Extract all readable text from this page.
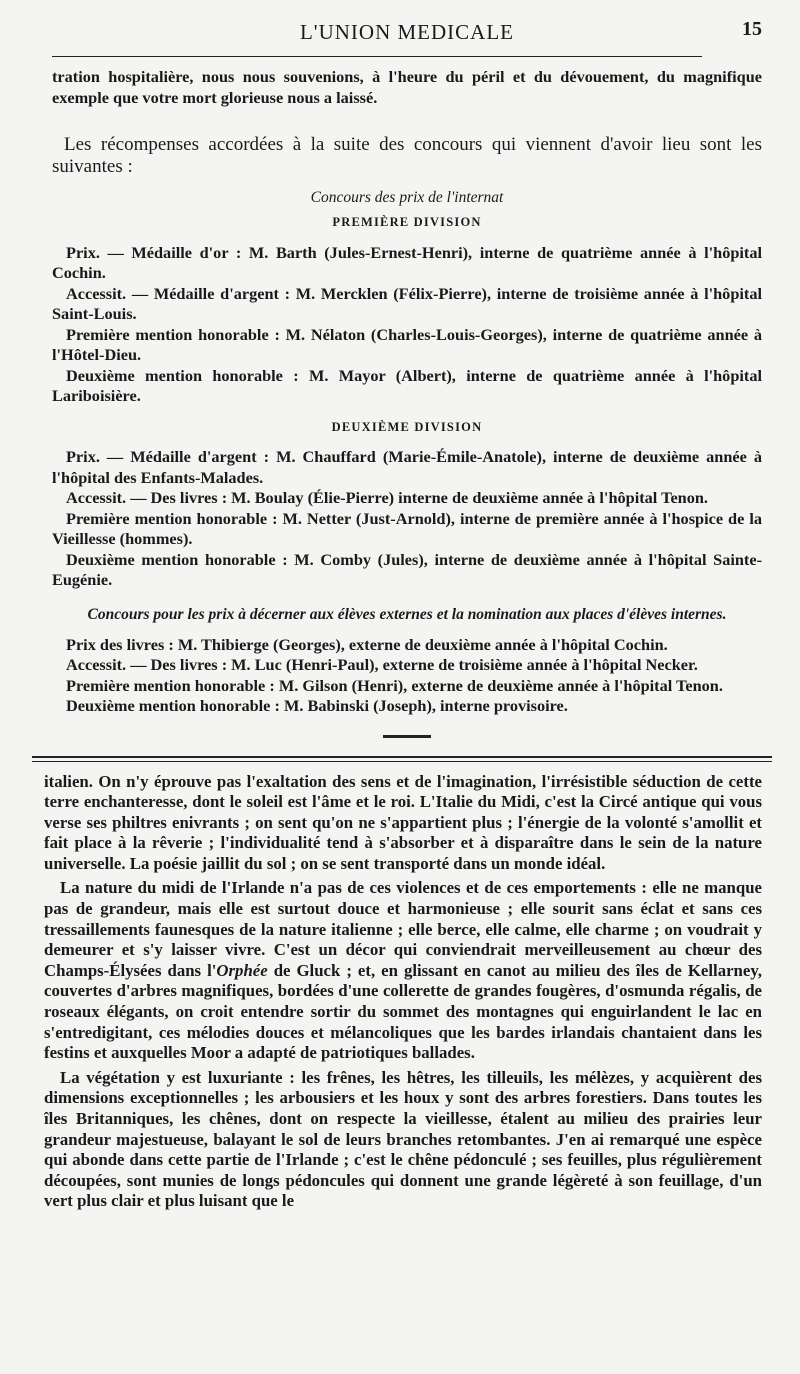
L'UNION MEDICALE	15

tration hospitalière, nous nous souvenions, à l'heure du péril et du dévouement, du magnifique exemple que votre mort glorieuse nous a laissé.

Les récompenses accordées à la suite des concours qui viennent d'avoir lieu sont les suivantes :

Concours des prix de l'internat
PREMIÈRE DIVISION

Prix. — Médaille d'or : M. Barth (Jules-Ernest-Henri), interne de quatrième année à l'hôpital Cochin.

Accessit. — Médaille d'argent : M. Mercklen (Félix-Pierre), interne de troisième année à l'hôpital Saint-Louis.

Première mention honorable : M. Nélaton (Charles-Louis-Georges), interne de quatrième année à l'Hôtel-Dieu.

Deuxième mention honorable : M. Mayor (Albert), interne de quatrième année à l'hôpital Lariboisière.

DEUXIÈME DIVISION

Prix. — Médaille d'argent : M. Chauffard (Marie-Émile-Anatole), interne de deuxième année à l'hôpital des Enfants-Malades.

Accessit. — Des livres : M. Boulay (Élie-Pierre) interne de deuxième année à l'hôpital Tenon.

Première mention honorable : M. Netter (Just-Arnold), interne de première année à l'hospice de la Vieillesse (hommes).

Deuxième mention honorable : M. Comby (Jules), interne de deuxième année à l'hôpital Sainte-Eugénie.

Concours pour les prix à décerner aux élèves externes et la nomination aux places d'élèves internes.

Prix des livres : M. Thibierge (Georges), externe de deuxième année à l'hôpital Cochin.

Accessit. — Des livres : M. Luc (Henri-Paul), externe de troisième année à l'hôpital Necker.

Première mention honorable : M. Gilson (Henri), externe de deuxième année à l'hôpital Tenon.

Deuxième mention honorable : M. Babinski (Joseph), interne provisoire.

italien. On n'y éprouve pas l'exaltation des sens et de l'imagination, l'irrésistible séduction de cette terre enchanteresse, dont le soleil est l'âme et le roi. L'Italie du Midi, c'est la Circé antique qui vous verse ses philtres enivrants ; on sent qu'on ne s'appartient plus ; l'énergie de la volonté s'amollit et fait place à la rêverie ; l'individualité tend à s'absorber et à disparaître dans le sein de la nature universelle. La poésie jaillit du sol ; on se sent transporté dans un monde idéal.

La nature du midi de l'Irlande n'a pas de ces violences et de ces emportements : elle ne manque pas de grandeur, mais elle est surtout douce et harmonieuse ; elle sourit sans éclat et sans ces tressaillements faunesques de la nature italienne ; elle berce, elle calme, elle charme ; on voudrait y demeurer et s'y laisser vivre. C'est un décor qui conviendrait merveilleusement au chœur des Champs-Élysées dans l'Orphée de Gluck ; et, en glissant en canot au milieu des îles de Kellarney, couvertes d'arbres magnifiques, bordées d'une collerette de grandes fougères, d'osmunda régalis, de roseaux élégants, on croit entendre sortir du sommet des montagnes qui enguirlandent le lac en s'entredigitant, ces mélodies douces et mélancoliques que les bardes irlandais chantaient dans les festins et auxquelles Moor a adapté de patriotiques ballades.

La végétation y est luxuriante : les frênes, les hêtres, les tilleuils, les mélèzes, y acquièrent des dimensions exceptionnelles ; les arbousiers et les houx y sont des arbres forestiers. Dans toutes les îles Britanniques, les chênes, dont on respecte la vieillesse, étalent au milieu des prairies leur grandeur majestueuse, balayant le sol de leurs branches retombantes. J'en ai remarqué une espèce qui abonde dans cette partie de l'Irlande ; c'est le chêne pédonculé ; ses feuilles, plus régulièrement découpées, sont munies de longs pédoncules qui donnent une grande légèreté à son feuillage, d'un vert plus clair et plus luisant que le
